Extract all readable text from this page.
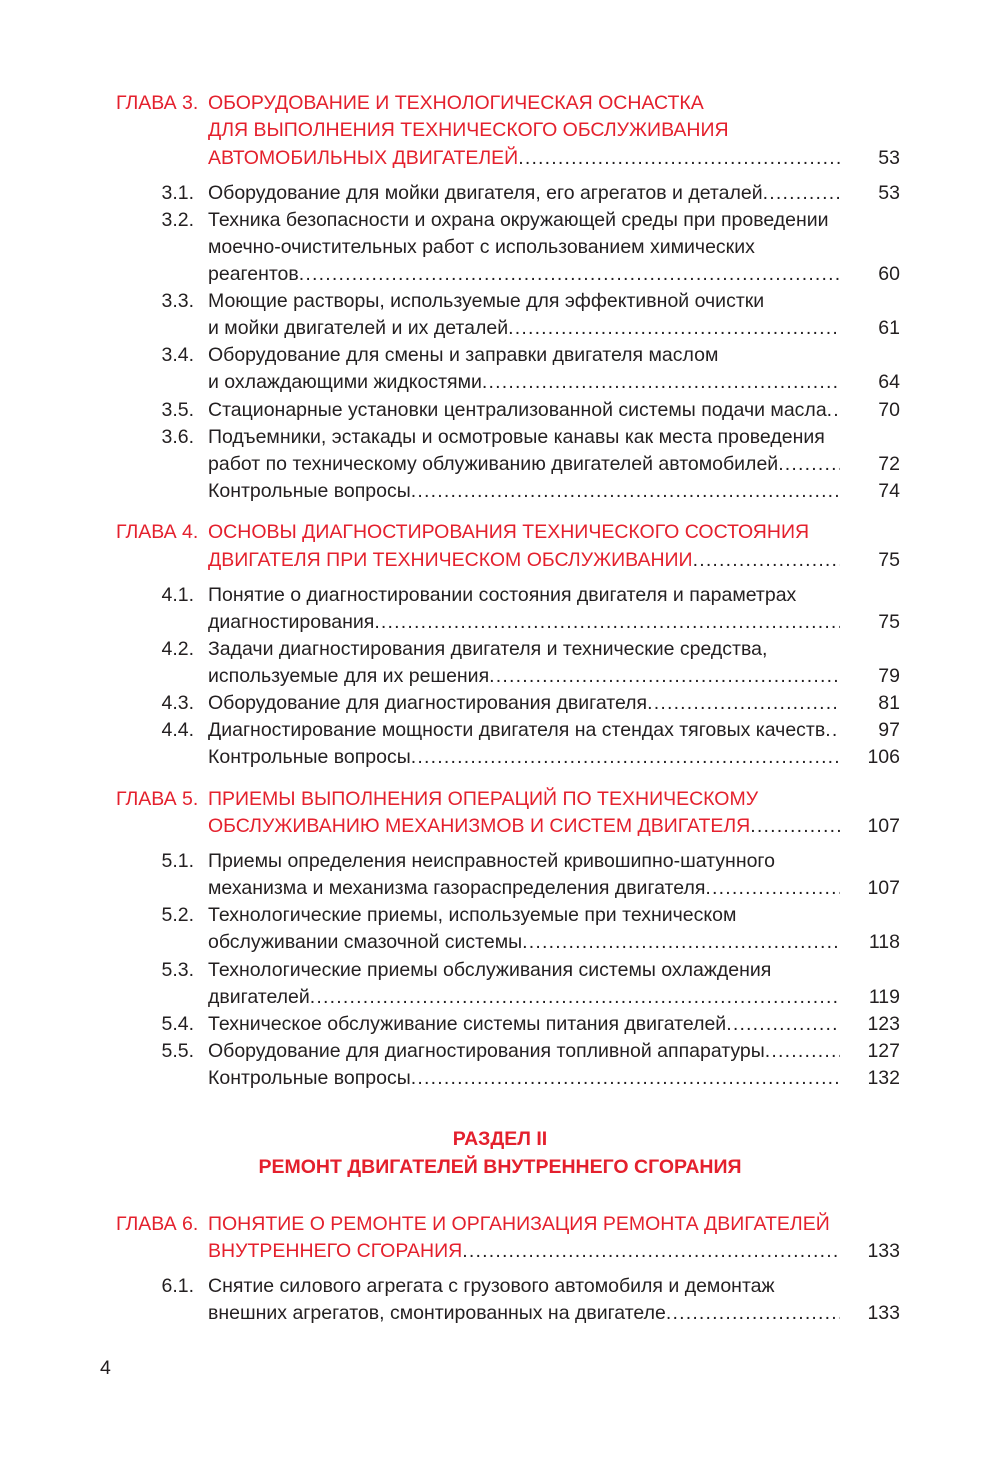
ГЛАВА 3. ОБОРУДОВАНИЕ И ТЕХНОЛОГИЧЕСКАЯ ОСНАСТКА
ДЛЯ ВЫПОЛНЕНИЯ ТЕХНИЧЕСКОГО ОБСЛУЖИВАНИЯ
АВТОМОБИЛЬНЫХ ДВИГАТЕЛЕЙ .....	53
3.1. Оборудование для мойки двигателя, его агрегатов и деталей .....	53
3.2. Техника безопасности и охрана окружающей среды при проведении
моечно-очистительных работ с использованием химических
реагентов .....	60
3.3. Моющие растворы, используемые для эффективной очистки
и мойки двигателей и их деталей .....	61
3.4. Оборудование для смены и заправки двигателя маслом
и охлаждающими жидкостями .....	64
3.5. Стационарные установки централизованной системы подачи масла .....	70
3.6. Подъемники, эстакады и осмотровые канавы как места проведения
работ по техническому облуживанию двигателей автомобилей .....	72
Контрольные вопросы .....	74
ГЛАВА 4. ОСНОВЫ ДИАГНОСТИРОВАНИЯ ТЕХНИЧЕСКОГО СОСТОЯНИЯ
ДВИГАТЕЛЯ ПРИ ТЕХНИЧЕСКОМ ОБСЛУЖИВАНИИ .....	75
4.1. Понятие о диагностировании состояния двигателя и параметрах
диагностирования .....	75
4.2. Задачи диагностирования двигателя и технические средства,
используемые для их решения .....	79
4.3. Оборудование для диагностирования двигателя .....	81
4.4. Диагностирование мощности двигателя на стендах тяговых качеств .....	97
Контрольные вопросы .....	106
ГЛАВА 5. ПРИЕМЫ ВЫПОЛНЕНИЯ ОПЕРАЦИЙ ПО ТЕХНИЧЕСКОМУ
ОБСЛУЖИВАНИЮ МЕХАНИЗМОВ И СИСТЕМ ДВИГАТЕЛЯ .....	107
5.1. Приемы определения неисправностей кривошипно-шатунного
механизма и механизма газораспределения двигателя .....	107
5.2. Технологические приемы, используемые при техническом
обслуживании смазочной системы .....	118
5.3. Технологические приемы обслуживания системы охлаждения
двигателей .....	119
5.4. Техническое обслуживание системы питания двигателей .....	123
5.5. Оборудование для диагностирования топливной аппаратуры .....	127
Контрольные вопросы .....	132
РАЗДЕЛ II
РЕМОНТ ДВИГАТЕЛЕЙ ВНУТРЕННЕГО СГОРАНИЯ
ГЛАВА 6. ПОНЯТИЕ О РЕМОНТЕ И ОРГАНИЗАЦИЯ РЕМОНТА ДВИГАТЕЛЕЙ
ВНУТРЕННЕГО СГОРАНИЯ .....	133
6.1. Снятие силового агрегата с грузового автомобиля и демонтаж
внешних агрегатов, смонтированных на двигателе .....	133
4
